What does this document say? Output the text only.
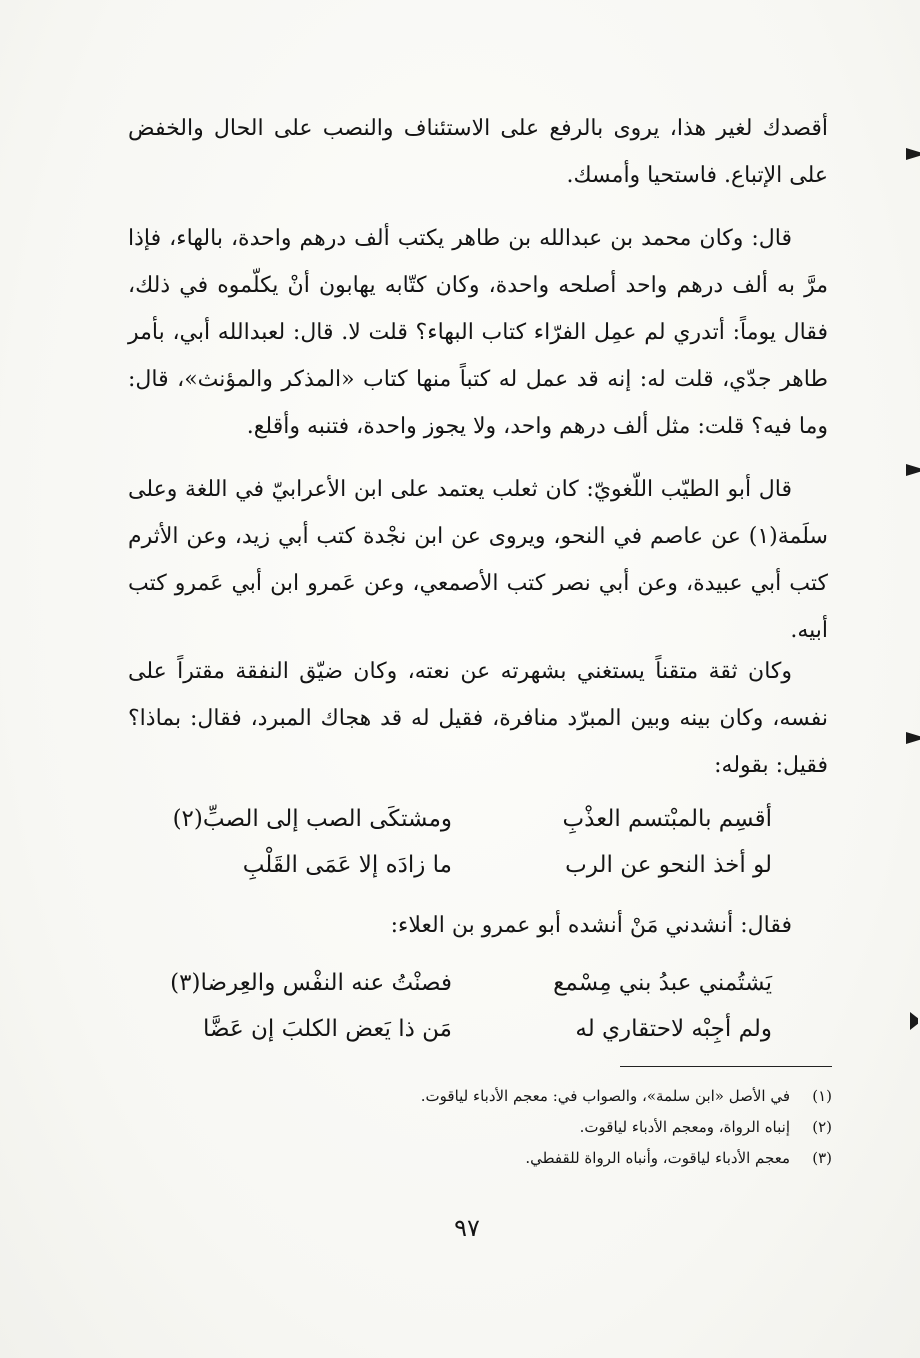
أقصدك لغير هذا، يروى بالرفع على الاستئناف والنصب على الحال والخفض على الإتباع. فاستحيا وأمسك.

قال: وكان محمد بن عبدالله بن طاهر يكتب ألف درهم واحدة، بالهاء، فإذا مرَّ به ألف درهم واحد أصلحه واحدة، وكان كتّابه يهابون أنْ يكلّموه في ذلك، فقال يوماً: أتدري لم عمِل الفرّاء كتاب البهاء؟ قلت لا. قال: لعبدالله أبي، بأمر طاهر جدّي، قلت له: إنه قد عمل له كتباً منها كتاب «المذكر والمؤنث»، قال: وما فيه؟ قلت: مثل ألف درهم واحد، ولا يجوز واحدة، فتنبه وأقلع.

قال أبو الطيّب اللّغويّ: كان ثعلب يعتمد على ابن الأعرابيّ في اللغة وعلى سلَمة(١) عن عاصم في النحو، ويروى عن ابن نجْدة كتب أبي زيد، وعن الأثرم كتب أبي عبيدة، وعن أبي نصر كتب الأصمعي، وعن عَمرو ابن أبي عَمرو كتب أبيه.

وكان ثقة متقناً يستغني بشهرته عن نعته، وكان ضيّق النفقة مقتراً على نفسه، وكان بينه وبين المبرّد منافرة، فقيل له قد هجاك المبرد، فقال: بماذا؟ فقيل: بقوله:

أقسِم بالمبْتسم العذْبِ
ومشتكَى الصب إلى الصبِّ(٢)
لو أخذ النحو عن الرب
ما زادَه إلا عَمَى القَلْبِ
فقال: أنشدني مَنْ أنشده أبو عمرو بن العلاء:
يَشتُمني عبدُ بني مِسْمع
فصنْتُ عنه النفْس والعِرضا(٣)
ولم أجِبْه لاحتقاري له
مَن ذا يَعض الكلبَ إن عَضَّا
(١)
في الأصل «ابن سلمة»، والصواب في: معجم الأدباء لياقوت.
(٢)
إنباه الرواة، ومعجم الأدباء لياقوت.
(٣)
معجم الأدباء لياقوت، وأنباه الرواة للقفطي.
٩٧
